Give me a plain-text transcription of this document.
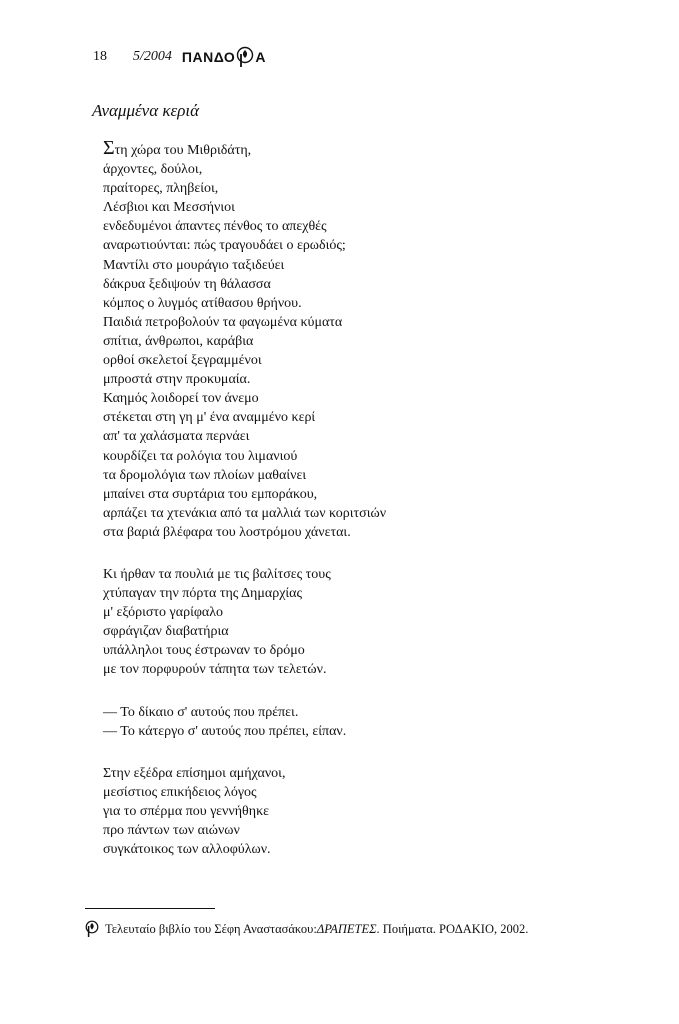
18 5/2004 ΠΑΝΔΟ Α
Αναμμένα κεριά
Στη χώρα του Μιθριδάτη,
άρχοντες, δούλοι,
πραίτορες, πληβείοι,
Λέσβιοι και Μεσσήνιοι
ενδεδυμένοι άπαντες πένθος το απεχθές
αναρωτιούνται: πώς τραγουδάει ο ερωδιός;
Μαντίλι στο μουράγιο ταξιδεύει
δάκρυα ξεδιψούν τη θάλασσα
κόμπος ο λυγμός ατίθασου θρήνου.
Παιδιά πετροβολούν τα φαγωμένα κύματα
σπίτια, άνθρωποι, καράβια
ορθοί σκελετοί ξεγραμμένοι
μπροστά στην προκυμαία.
Καημός λοιδορεί τον άνεμο
στέκεται στη γη μ' ένα αναμμένο κερί
απ' τα χαλάσματα περνάει
κουρδίζει τα ρολόγια του λιμανιού
τα δρομολόγια των πλοίων μαθαίνει
μπαίνει στα συρτάρια του εμποράκου,
αρπάζει τα χτενάκια από τα μαλλιά των κοριτσιών
στα βαριά βλέφαρα του λοστρόμου χάνεται.
Κι ήρθαν τα πουλιά με τις βαλίτσες τους
χτύπαγαν την πόρτα της Δημαρχίας
μ' εξόριστο γαρίφαλο
σφράγιζαν διαβατήρια
υπάλληλοι τους έστρωναν το δρόμο
με τον πορφυρούν τάπητα των τελετών.
— Το δίκαιο σ' αυτούς που πρέπει.
— Το κάτεργο σ' αυτούς που πρέπει, είπαν.
Στην εξέδρα επίσημοι αμήχανοι,
μεσίστιος επικήδειος λόγος
για το σπέρμα που γεννήθηκε
προ πάντων των αιώνων
συγκάτοικος των αλλοφύλων.
Τελευταίο βιβλίο του Σέφη Αναστασάκου: ΔΡΑΠΕΤΕΣ . Ποιήματα. ΡΟΔΑΚΙΟ, 2002.
